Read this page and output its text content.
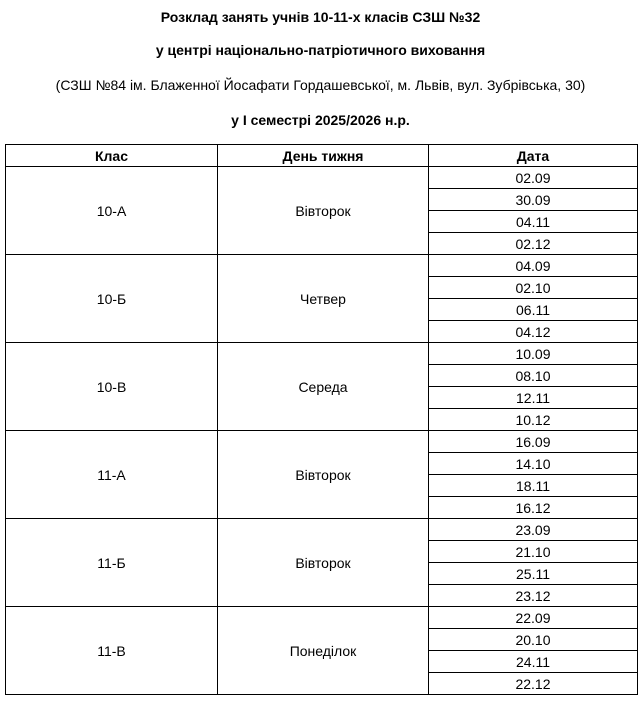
Розклад занять учнів 10-11-х класів СЗШ №32
у центрі національно-патріотичного виховання
(СЗШ №84 ім. Блаженної Йосафати Гордашевської, м. Львів, вул. Зубрівська, 30)
у І семестрі 2025/2026 н.р.
Клас	День тижня	Дата
10-А	Вівторок	02.09
		30.09
		04.11
		02.12
10-Б	Четвер	04.09
		02.10
		06.11
		04.12
10-В	Середа	10.09
		08.10
		12.11
		10.12
11-А	Вівторок	16.09
		14.10
		18.11
		16.12
11-Б	Вівторок	23.09
		21.10
		25.11
		23.12
11-В	Понеділок	22.09
		20.10
		24.11
		22.12
